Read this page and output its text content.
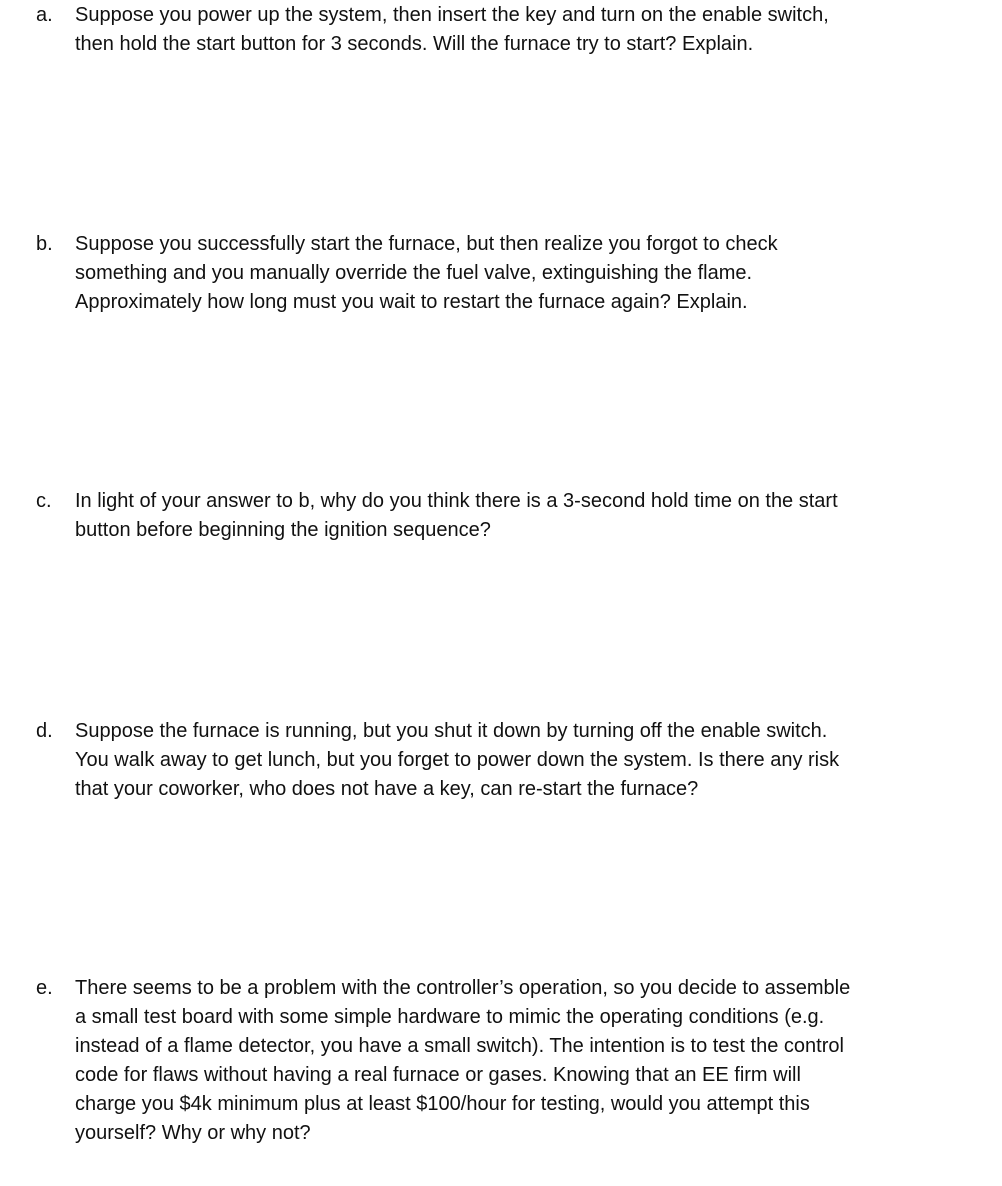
a. Suppose you power up the system, then insert the key and turn on the enable switch,
then hold the start button for 3 seconds. Will the furnace try to start? Explain.
b. Suppose you successfully start the furnace, but then realize you forgot to check
something and you manually override the fuel valve, extinguishing the flame.
Approximately how long must you wait to restart the furnace again? Explain.
c. In light of your answer to b, why do you think there is a 3-second hold time on the start
button before beginning the ignition sequence?
d. Suppose the furnace is running, but you shut it down by turning off the enable switch.
You walk away to get lunch, but you forget to power down the system. Is there any risk
that your coworker, who does not have a key, can re-start the furnace?
e. There seems to be a problem with the controller’s operation, so you decide to assemble
a small test board with some simple hardware to mimic the operating conditions (e.g.
instead of a flame detector, you have a small switch). The intention is to test the control
code for flaws without having a real furnace or gases. Knowing that an EE firm will
charge you $4k minimum plus at least $100/hour for testing, would you attempt this
yourself? Why or why not?
